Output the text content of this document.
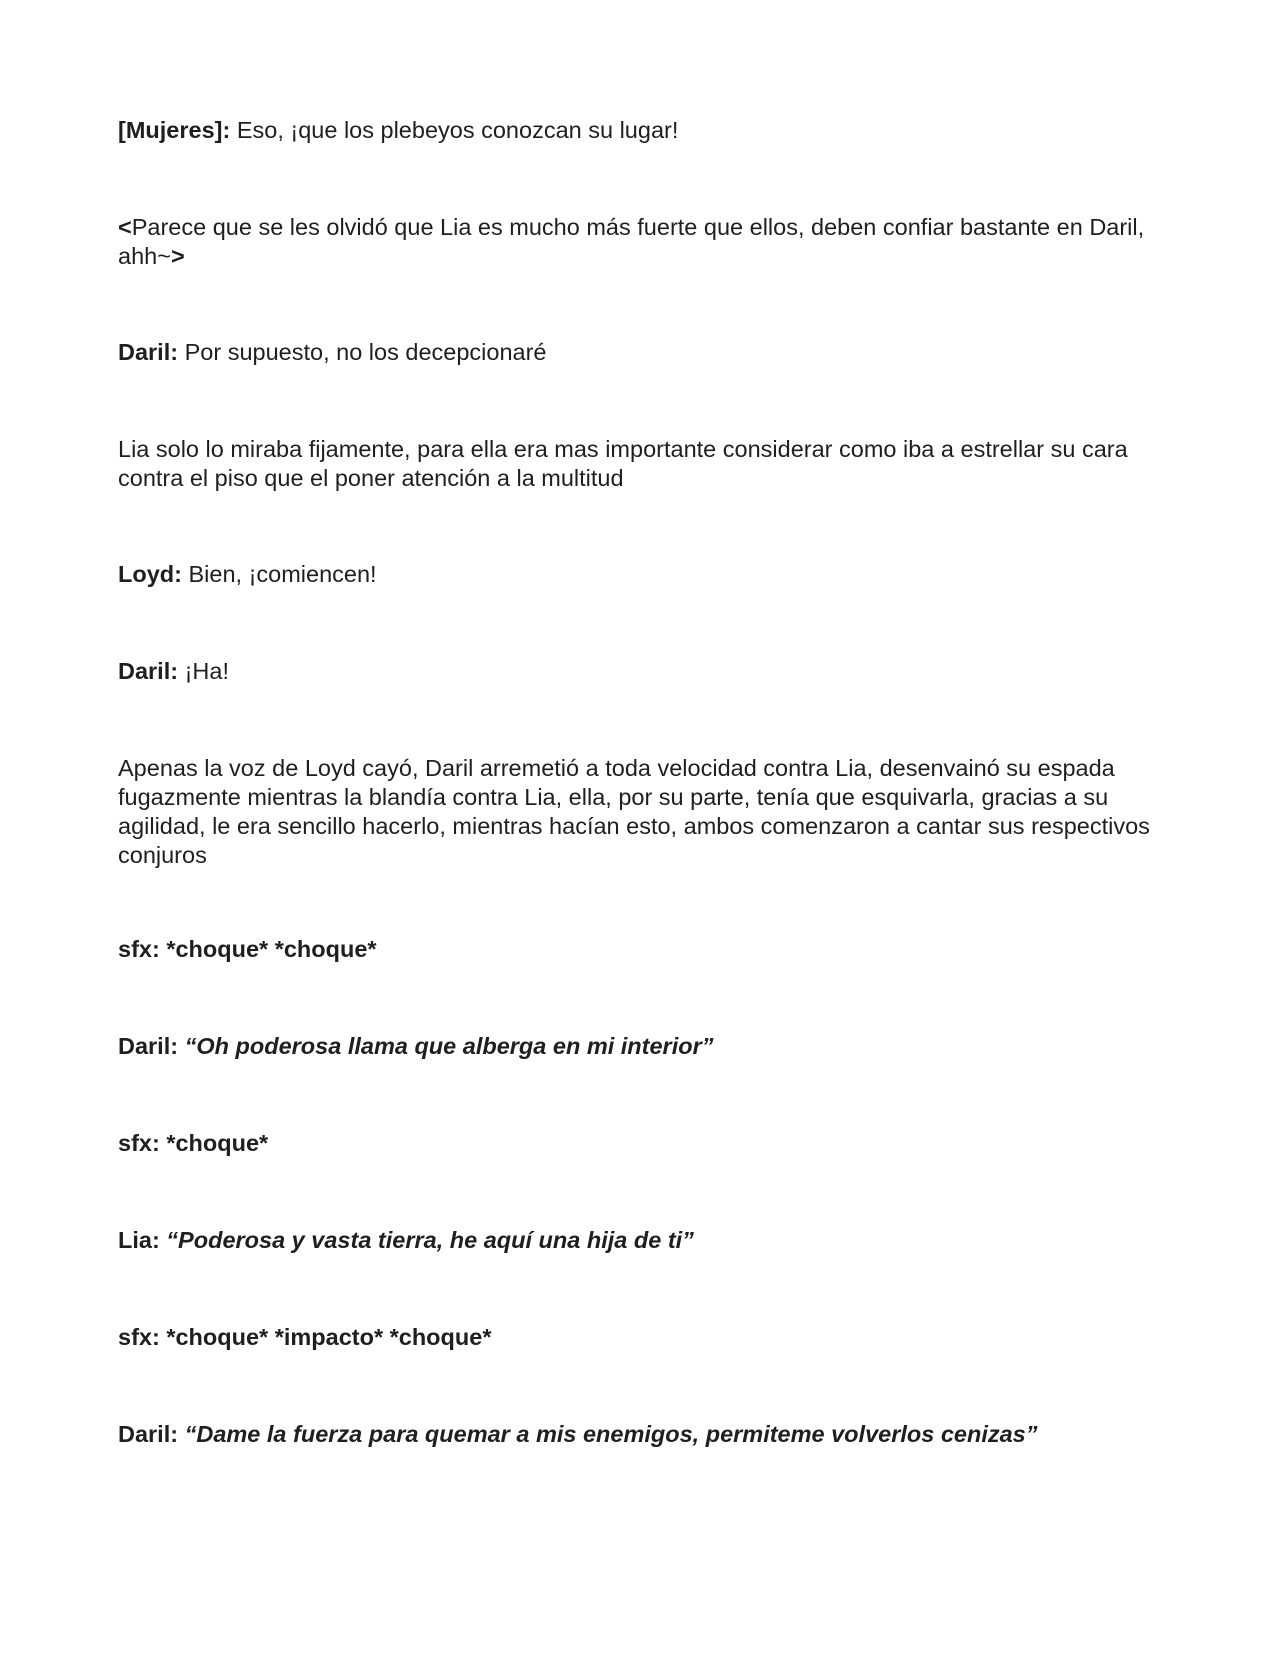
[Mujeres]: Eso, ¡que los plebeyos conozcan su lugar!

<Parece que se les olvidó que Lia es mucho más fuerte que ellos, deben confiar bastante en Daril, ahh~>

Daril: Por supuesto, no los decepcionaré

Lia solo lo miraba fijamente, para ella era mas importante considerar como iba a estrellar su cara contra el piso que el poner atención a la multitud

Loyd: Bien, ¡comiencen!

Daril: ¡Ha!

Apenas la voz de Loyd cayó, Daril arremetió a toda velocidad contra Lia, desenvainó su espada fugazmente mientras la blandía contra Lia, ella, por su parte, tenía que esquivarla, gracias a su agilidad, le era sencillo hacerlo, mientras hacían esto, ambos comenzaron a cantar sus respectivos conjuros

sfx: *choque* *choque*

Daril: “Oh poderosa llama que alberga en mi interior”

sfx: *choque*

Lia: “Poderosa y vasta tierra, he aquí una hija de ti”

sfx: *choque* *impacto* *choque*

Daril: “Dame la fuerza para quemar a mis enemigos, permiteme volverlos cenizas”
